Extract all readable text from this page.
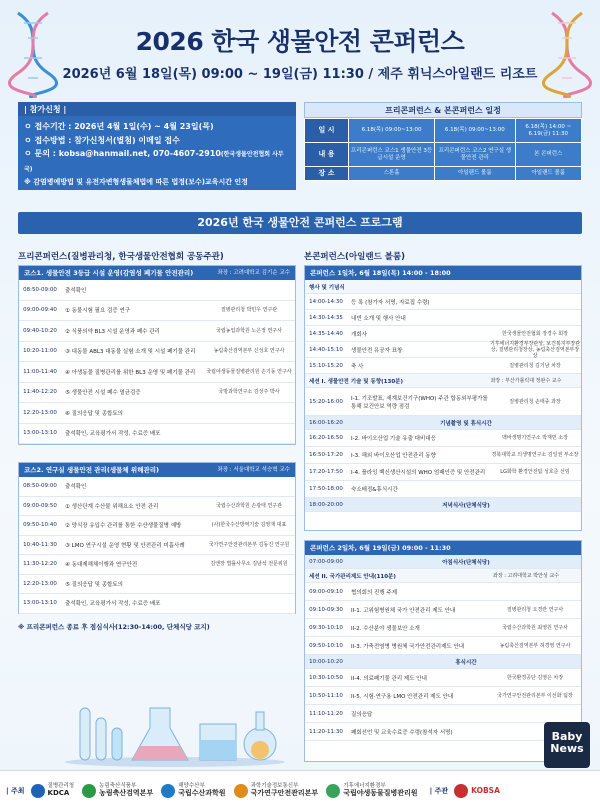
2026 한국 생물안전 콘퍼런스
2026년 6월 18일(목) 09:00 ~ 19일(금) 11:30 / 제주 휘닉스아일랜드 리조트
| 참가신청 |
ㅇ 접수기간 : 2026년 4월 1일(수) ~ 4월 23일(목)
ㅇ 접수방법 : 참가신청서(별첨) 이메일 접수
ㅇ 문의 : kobsa@hanmail.net, 070-4607-2910(한국생물안전협회 사무국)
※ 감염병예방법 및 유전자변형생물체법에 따른 법정(보수)교육시간 인정
프리콘퍼런스 & 본콘퍼런스 일정
일 시	6.18(목) 09:00~13:00	6.18(목) 09:00~13:00	6.18(목) 14:00 ~ 6.19(금) 11:30
내 용	프리콘퍼런스 코스1 생물안전 3등급시설 운영	프리콘퍼런스 코스2 연구실 생물안전 관리	본 콘퍼런스
장 소	스톤홀	아일랜드 볼룸	아일랜드 볼룸
2026년 한국 생물안전 콘퍼런스 프로그램
프리콘퍼런스(질병관리청, 한국생물안전협회 공동주관)
코스1. 생물안전 3등급 시설 운영(감염성 폐기물 안전관리)	좌장 : 고려대학교 김기순 교수
08:50-09:00	출석확인
09:00-09:40	① 동물시험 필요 검증 연구	질병관리청 박민우 연구관
09:40-10:20	② 식품의약 BL3 시설 운영과 폐수 관리	국립농업과학원 노은정 연구사
10:20-11:00	③ 대동물 ABL3 대동물 실험 소개 및 시설 폐기물 관리	농림축산검역본부 신성호 연구사
11:00-11:40	④ 아생동물 질병관리를 위한 BL3 운영 및 폐기물 관리	국립야생동물질병관리원 손기동 연구사
11:40-12:20	⑤ 생물안전 시설 폐수 멸균검증	국방과학연구소 김성주 박사
12:20-13:00	⑥ 질의응답 및 종합토의
13:00-13:10	출석확인, 교육평가서 작성, 수료증 배포
코스2. 연구실 생물안전 관리(생물체 위해관리)	좌장 : 서울대학교 석승혁 교수
08:50-09:00	출석확인
09:00-09:50	① 생산단계 수산물 위해요소 안전 관리	국립수산과학원 손광태 연구관
09:50-10:40	② 양식장 유입수 관리를 통한 수산생물질병 예방	(사)한국수산방역기술 김영재 대표
10:40-11:30	③ LMO 연구시설 운영 현황 및 안전관리 미흡사례	국가연구안전관리본부 김동진 연구원
11:30-12:20	④ 동대제해체이행과 연구안전	김앤장 법률사무소 김남석 전문위원
12:20-13:00	⑤ 질의응답 및 종합토의
13:00-13:10	출석확인, 교육평가서 작성, 수료증 배포
※ 프리콘퍼런스 종료 후 점심식사(12:30-14:00, 단체식당 코지)
본콘퍼런스(아일랜드 볼룸)
콘퍼런스 1일차, 6월 18일(목) 14:00 - 18:00
행사 및 기념식
14:00-14:30	등 록 (참가자 서명, 자료집 수령)
14:30-14:35	내빈 소개 및 행사 안내
14:35-14:40	개회사	한국생물안전협회 장경수 회장
14:40-15:10	생물안전 유공자 표창
기후에너지환경부장관상, 보건복지부장관상, 질병관리청장상, 농림축산검역본부장상
15:10-15:20	축 사	질병관리청 김기남 차장
세션 I. 생물안전 기술 및 동향(130분)	좌장 : 부산가톨릭대 정완수 교수
15:20-16:00	I-1. 기조발표, 세계보건기구(WHO) 주관 합동외부평가를 통해 보건안보 역량 점검
질병관리청 손태종 과장
16:00-16:20	기념촬영 및 휴식시간
16:20-16:50	I-2. 바이오산업 기술 유출 대비대응	맥바생명기연구소 박재민 소장
16:50-17:20	I-3. 해외 바이오산업 안전관리 동향	경북대학교 의생명연구소 김일권 부소장
17:20-17:50	I-4. 플라잉 백신생산시설의 WHO 엄패인증 및 안전관리	LG화학 환경안전팀 성호준 선임
17:50-18:00	숙소배정&휴식시간
18:00-20:00	저녁식사(단체식당)
콘퍼런스 2일차, 6월 19일(금) 09:00 - 11:30
07:00-09:00	아침식사(단체식당)
세션 II. 국가관리제도 안내(110분)	좌장 : 고려대학교 박안성 교수
09:00-09:10	협의회의 진행 주제
09:10-09:30	II-1. 고위험병원체 국가 안전관리 제도 안내	질병관리청 오경란 연구사
09:30-10:10	II-2. 수산분야 생물보안 소개	국립수산과학원 최영원 연구사
09:50-10:10	II-3. 가축전염병 병원체 국가안전관리제도 안내	농림축산검역본부 허경영 연구사
10:00-10:20	휴식시간
10:30-10:50	II-4. 의료폐기물 관리 제도 안내	한국환경공단 김영은 차장
10:50-11:10	II-5. 시험·연구용 LMO 안전관리 제도 안내	국가연구안전관리본부 이선화 팀장
11:10-11:20	질의응답
11:20-11:30	폐회선언 및 교육수료증 수령(참석자 서명)	Baby
News
| 주최
질병관리청
KDCA
농림축산식품부
농림축산검역본부
해양수산부
국립수산과학원
과학기술정보통신부
국가연구안전관리본부
기후에너지환경부
국립야생동물질병관리원 | 주관	KOBSA
